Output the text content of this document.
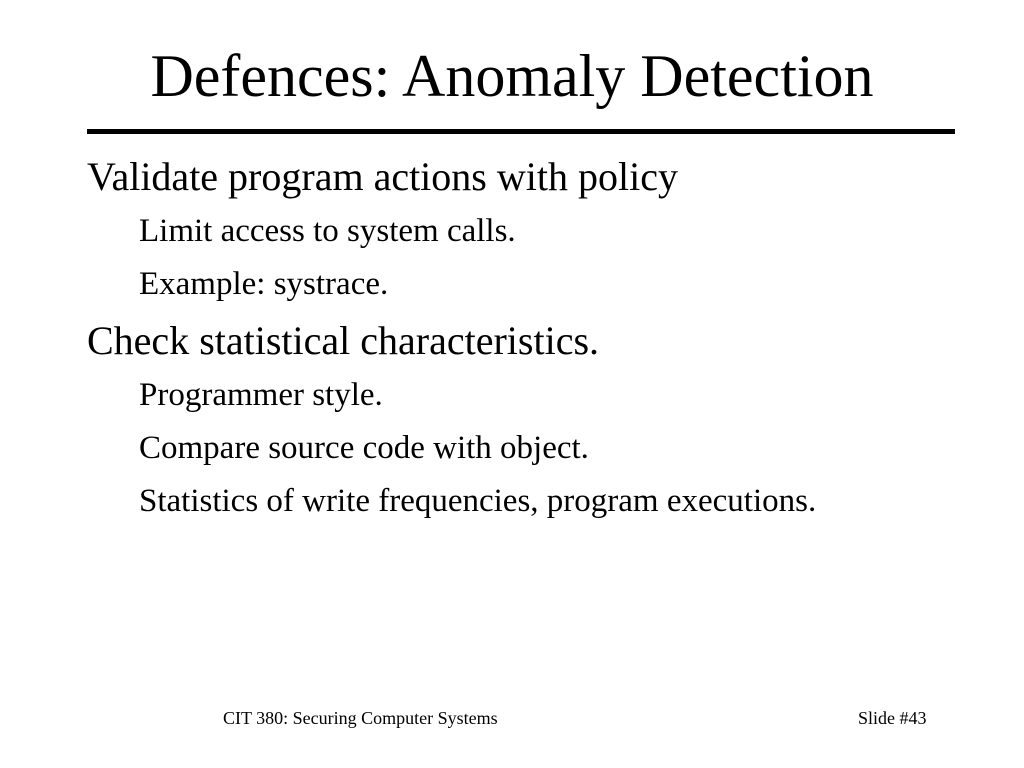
Defences: Anomaly Detection
Validate program actions with policy
Limit access to system calls.
Example: systrace.
Check statistical characteristics.
Programmer style.
Compare source code with object.
Statistics of write frequencies, program executions.
CIT 380: Securing Computer Systems	Slide #43
